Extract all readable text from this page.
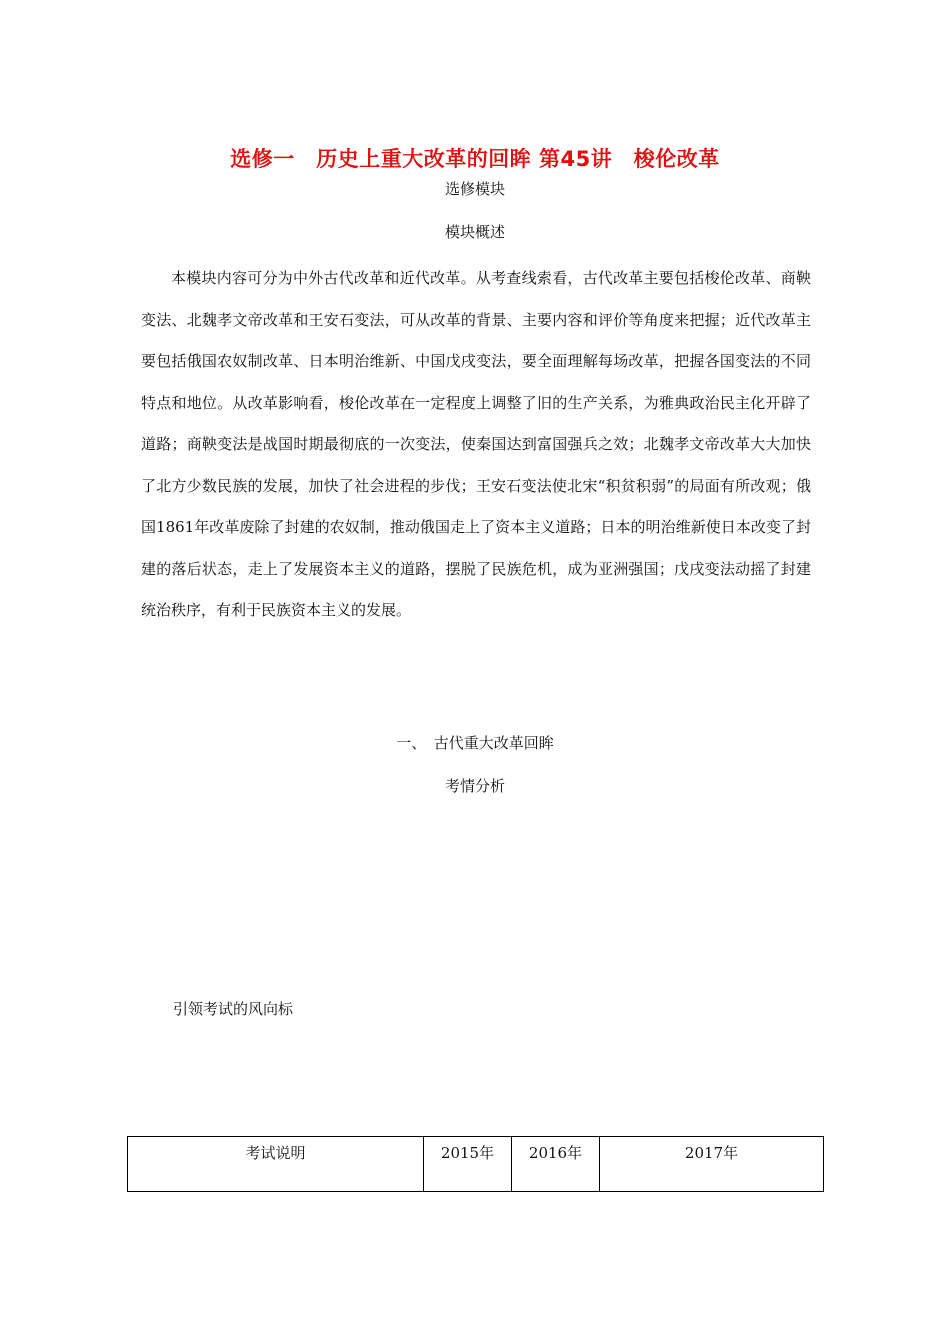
选修一　历史上重大改革的回眸 第45讲　梭伦改革
选修模块
模块概述
本模块内容可分为中外古代改革和近代改革。从考查线索看，古代改革主要包括梭伦改革、商鞅变法、北魏孝文帝改革和王安石变法，可从改革的背景、主要内容和评价等角度来把握；近代改革主要包括俄国农奴制改革、日本明治维新、中国戊戌变法，要全面理解每场改革，把握各国变法的不同特点和地位。从改革影响看，梭伦改革在一定程度上调整了旧的生产关系，为雅典政治民主化开辟了道路；商鞅变法是战国时期最彻底的一次变法，使秦国达到富国强兵之效；北魏孝文帝改革大大加快了北方少数民族的发展，加快了社会进程的步伐；王安石变法使北宋“积贫积弱”的局面有所改观；俄国1861年改革废除了封建的农奴制，推动俄国走上了资本主义道路；日本的明治维新使日本改变了封建的落后状态，走上了发展资本主义的道路，摆脱了民族危机，成为亚洲强国；戊戌变法动摇了封建统治秩序，有利于民族资本主义的发展。
一、　古代重大改革回眸
考情分析
引领考试的风向标
考试说明	2015年	2016年	2017年
